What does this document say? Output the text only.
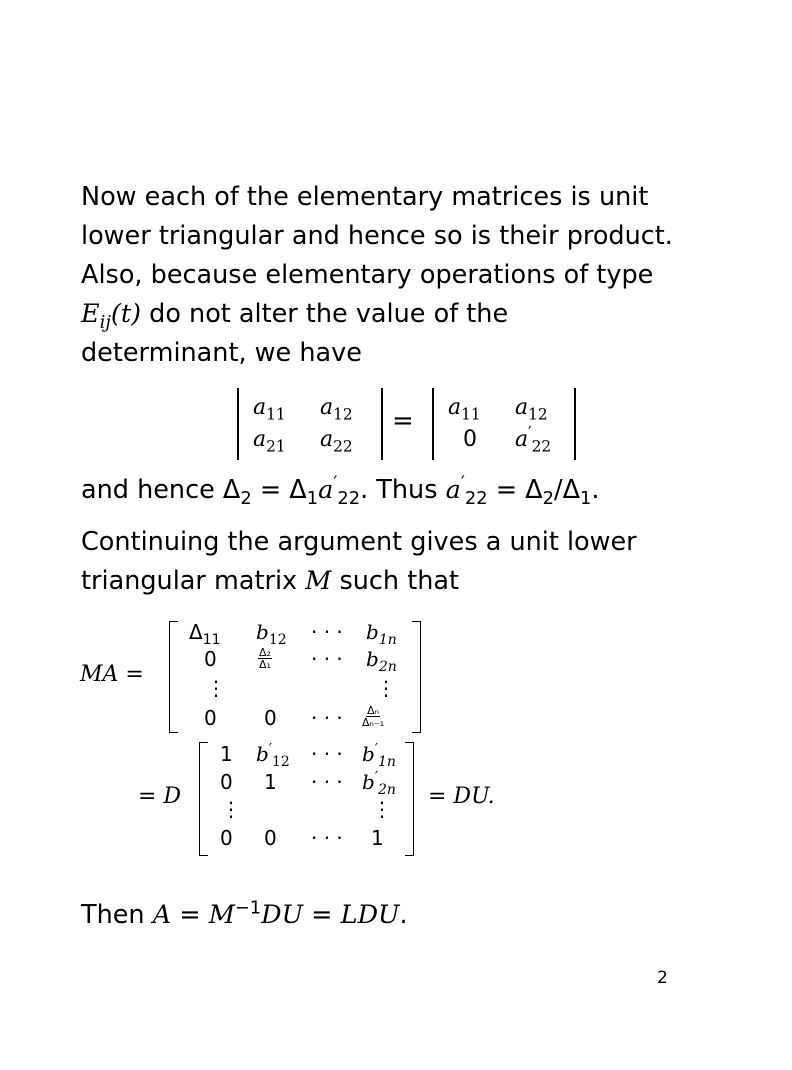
Now each of the elementary matrices is unit

lower triangular and hence so is their product.

Also, because elementary operations of type

$E_{ij}(t)$ do not alter the value of the

determinant, we have

$a_{11}$ $a_{12}$
$a_{21}$ $a_{22}$
= $a_{11}$ $a_{12}$
0 $a'_{22}$

and hence $\Delta_2 = \Delta_1a'_{22}$. Thus $a'_{22} = \Delta_2/\Delta_1$.

Continuing the argument gives a unit lower

triangular matrix M such that

MA =
$\Delta_{11}$ $b_{12}$ · · · $b_{1n}$
0	$\frac{\text{Δ₂}}{\text{Δ₁}}$ · · · $b_{2n}$
⋮	⋮
0 0 · · · $\frac{\text{Δₙ}}{\text{Δₙ₋₁}}$
= D
1 $b'_{12}$ · · · $b'_{1n}$
0 1 · · · $b'_{2n}$
⋮	⋮
0 0 · · · 1
= DU.

Then $A = M^{-1}DU$ = LDU.

2
